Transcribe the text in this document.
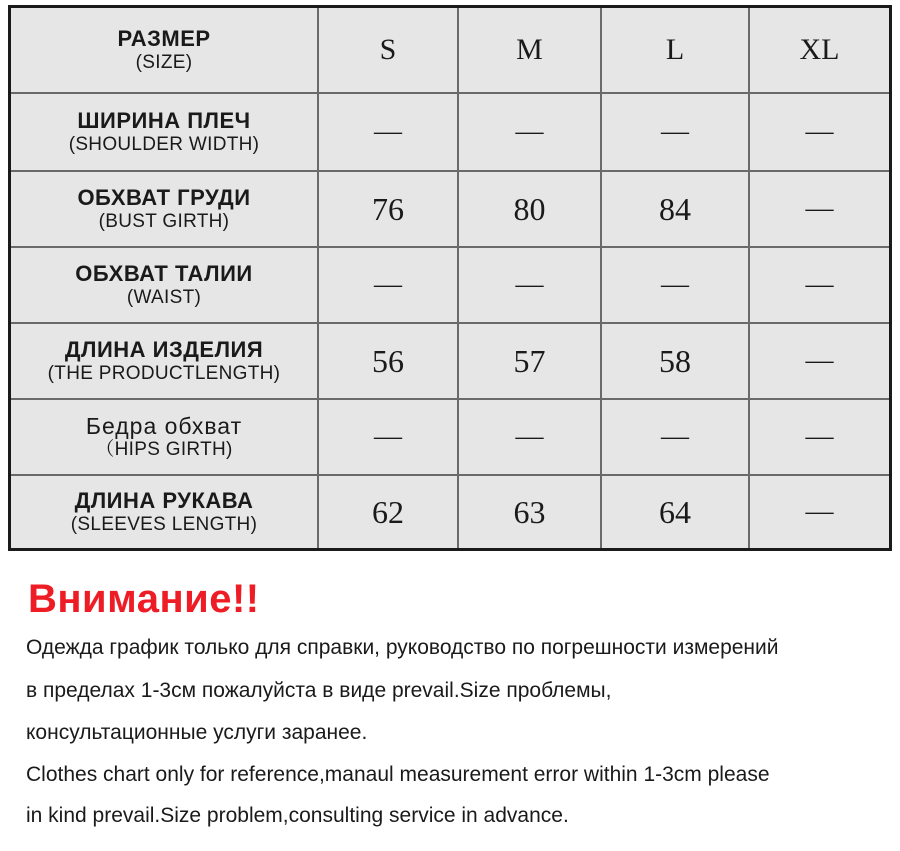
РАЗМЕР
(SIZE)	S	M	L	XL
ШИРИНА ПЛЕЧ
(SHOULDER WIDTH)	—	—	—	—
ОБХВАТ ГРУДИ
(BUST GIRTH)	76	80	84	—
ОБХВАТ ТАЛИИ
(WAIST)	—	—	—	—
ДЛИНА ИЗДЕЛИЯ
(THE PRODUCTLENGTH)	56	57	58	—
Бедра обхват
（HIPS GIRTH)	—	—	—	—
ДЛИНА РУКАВА
(SLEEVES LENGTH)	62	63	64	—
Внимание!!

Одежда график только для справки, руководство по погрешности измерений

в пределах 1-3см пожалуйста в виде prevail.Size проблемы,

консультационные услуги заранее.

Clothes chart only for reference,manaul measurement error within 1-3cm please

in kind prevail.Size problem,consulting service in advance.
